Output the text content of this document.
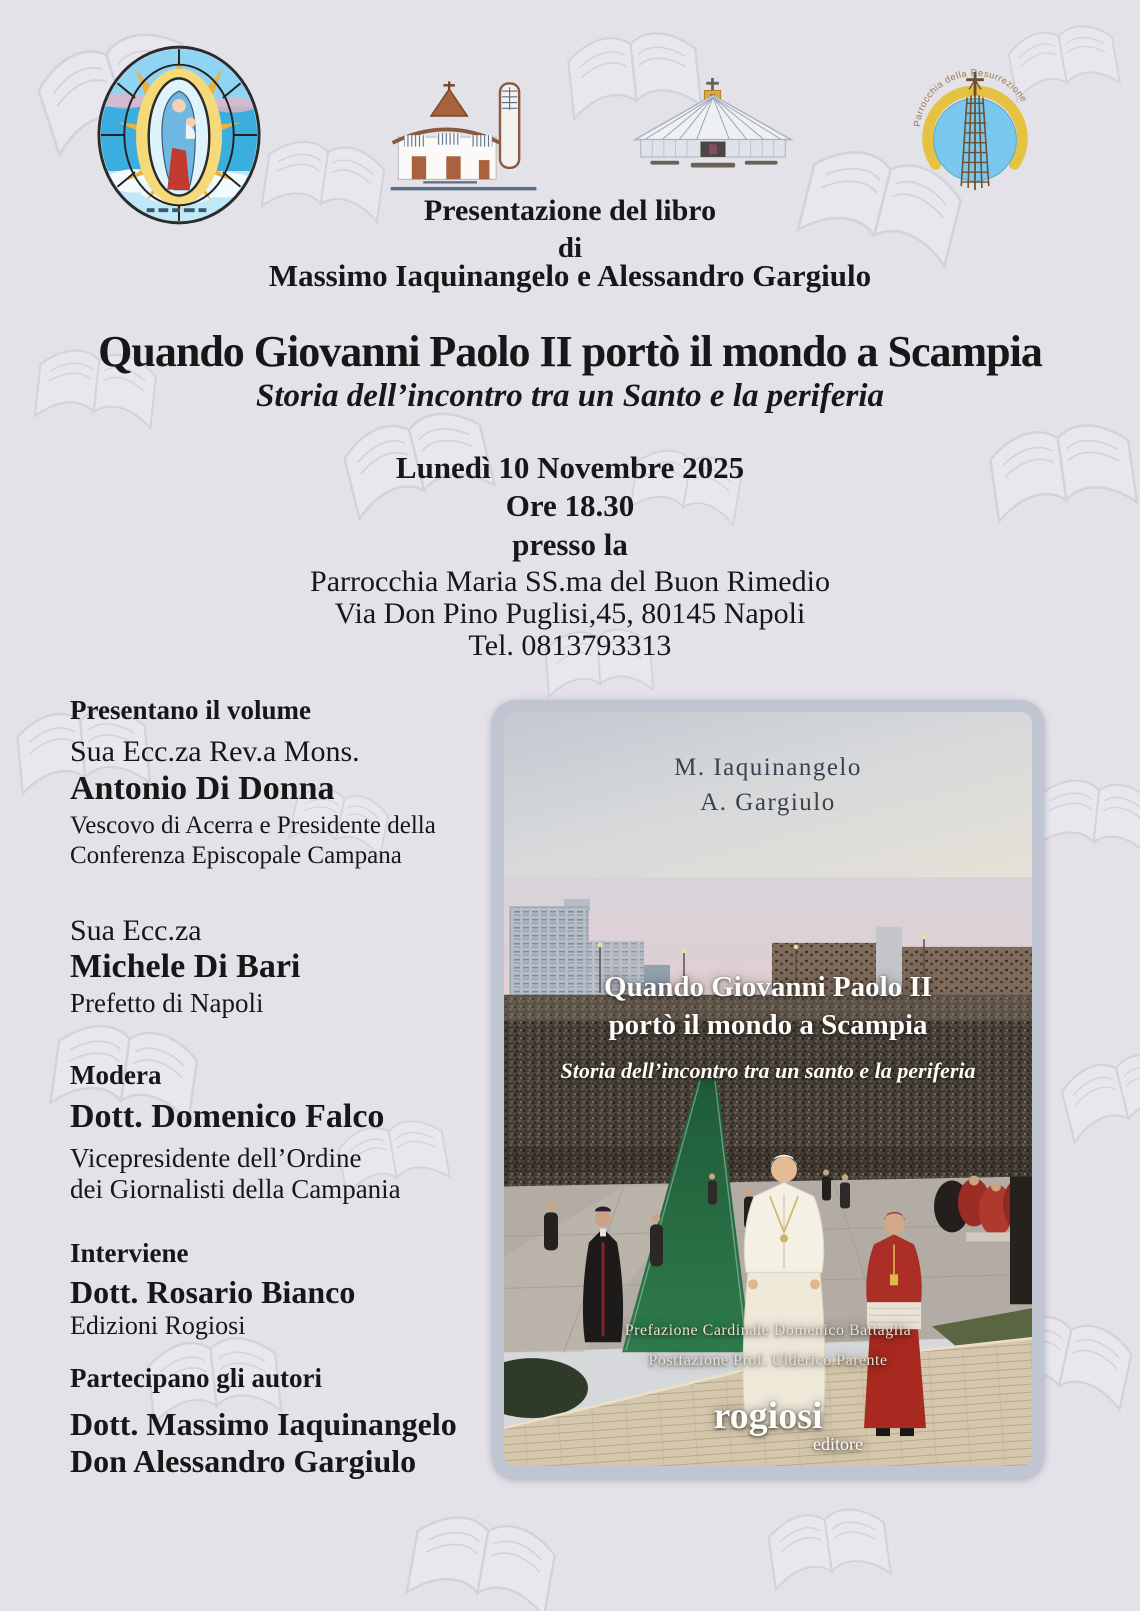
Parrocchia della Resurrezione
Presentazione del libro
di
Massimo Iaquinangelo e Alessandro Gargiulo
Quando Giovanni Paolo II portò il mondo a Scampia
Storia dell’incontro tra un Santo e la periferia
Lunedì 10 Novembre 2025
Ore 18.30
presso la
Parrocchia Maria SS.ma del Buon Rimedio
Via Don Pino Puglisi,45, 80145 Napoli
Tel. 0813793313
Presentano il volume
Sua Ecc.za Rev.a Mons.
Antonio Di Donna
Vescovo di Acerra e Presidente della
Conferenza Episcopale Campana
Sua Ecc.za
Michele Di Bari
Prefetto di Napoli
Modera
Dott. Domenico Falco
Vicepresidente dell’Ordine
dei Giornalisti della Campania
Interviene
Dott. Rosario Bianco
Edizioni Rogiosi
Partecipano gli autori
Dott. Massimo Iaquinangelo
Don Alessandro Gargiulo
M. Iaquinangelo
A. Gargiulo
Quando Giovanni Paolo II
portò il mondo a Scampia
Storia dell’incontro tra un santo e la periferia
Prefazione Cardinale Domenico Battaglia
Postfazione Prof. Ulderico Parente
rogiosi
editore
